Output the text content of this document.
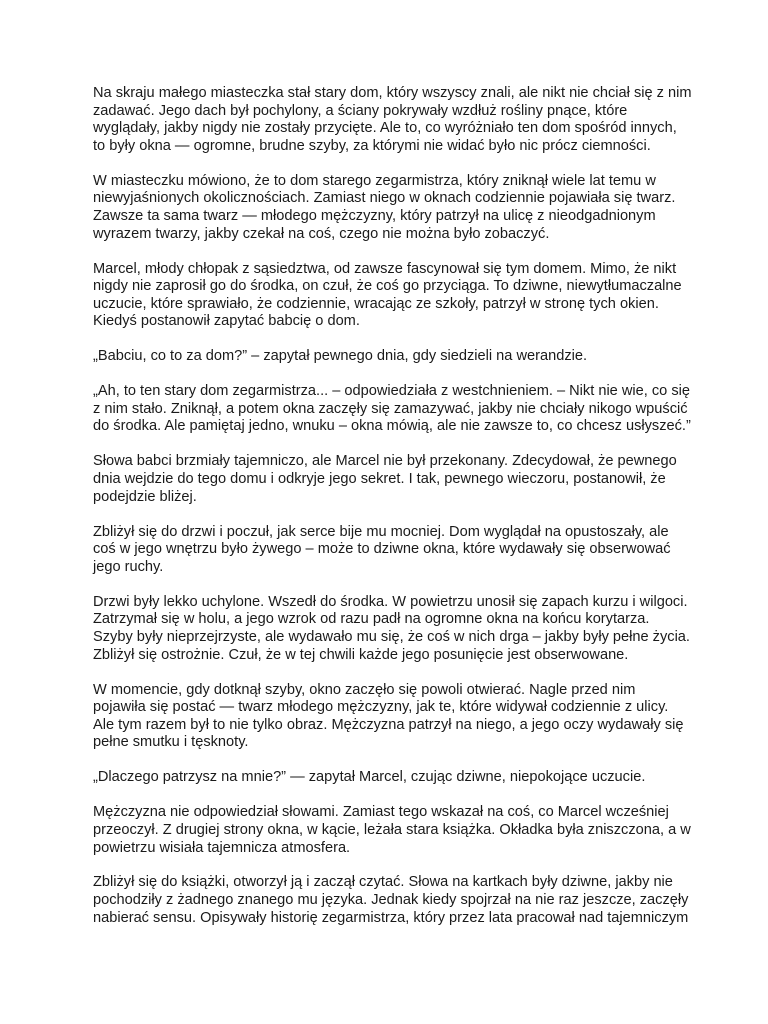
Na skraju małego miasteczka stał stary dom, który wszyscy znali, ale nikt nie chciał się z nim
zadawać. Jego dach był pochylony, a ściany pokrywały wzdłuż rośliny pnące, które
wyglądały, jakby nigdy nie zostały przycięte. Ale to, co wyróżniało ten dom spośród innych,
to były okna — ogromne, brudne szyby, za którymi nie widać było nic prócz ciemności.

W miasteczku mówiono, że to dom starego zegarmistrza, który zniknął wiele lat temu w
niewyjaśnionych okolicznościach. Zamiast niego w oknach codziennie pojawiała się twarz.
Zawsze ta sama twarz — młodego mężczyzny, który patrzył na ulicę z nieodgadnionym
wyrazem twarzy, jakby czekał na coś, czego nie można było zobaczyć.

Marcel, młody chłopak z sąsiedztwa, od zawsze fascynował się tym domem. Mimo, że nikt
nigdy nie zaprosił go do środka, on czuł, że coś go przyciąga. To dziwne, niewytłumaczalne
uczucie, które sprawiało, że codziennie, wracając ze szkoły, patrzył w stronę tych okien.
Kiedyś postanowił zapytać babcię o dom.

„Babciu, co to za dom?” – zapytał pewnego dnia, gdy siedzieli na werandzie.

„Ah, to ten stary dom zegarmistrza... – odpowiedziała z westchnieniem. – Nikt nie wie, co się
z nim stało. Zniknął, a potem okna zaczęły się zamazywać, jakby nie chciały nikogo wpuścić
do środka. Ale pamiętaj jedno, wnuku – okna mówią, ale nie zawsze to, co chcesz usłyszeć.”

Słowa babci brzmiały tajemniczo, ale Marcel nie był przekonany. Zdecydował, że pewnego
dnia wejdzie do tego domu i odkryje jego sekret. I tak, pewnego wieczoru, postanowił, że
podejdzie bliżej.

Zbliżył się do drzwi i poczuł, jak serce bije mu mocniej. Dom wyglądał na opustoszały, ale
coś w jego wnętrzu było żywego – może to dziwne okna, które wydawały się obserwować
jego ruchy.

Drzwi były lekko uchylone. Wszedł do środka. W powietrzu unosił się zapach kurzu i wilgoci.
Zatrzymał się w holu, a jego wzrok od razu padł na ogromne okna na końcu korytarza.
Szyby były nieprzejrzyste, ale wydawało mu się, że coś w nich drga – jakby były pełne życia.
Zbliżył się ostrożnie. Czuł, że w tej chwili każde jego posunięcie jest obserwowane.

W momencie, gdy dotknął szyby, okno zaczęło się powoli otwierać. Nagle przed nim
pojawiła się postać — twarz młodego mężczyzny, jak te, które widywał codziennie z ulicy.
Ale tym razem był to nie tylko obraz. Mężczyzna patrzył na niego, a jego oczy wydawały się
pełne smutku i tęsknoty.

„Dlaczego patrzysz na mnie?” — zapytał Marcel, czując dziwne, niepokojące uczucie.

Mężczyzna nie odpowiedział słowami. Zamiast tego wskazał na coś, co Marcel wcześniej
przeoczył. Z drugiej strony okna, w kącie, leżała stara książka. Okładka była zniszczona, a w
powietrzu wisiała tajemnicza atmosfera.

Zbliżył się do książki, otworzył ją i zaczął czytać. Słowa na kartkach były dziwne, jakby nie
pochodziły z żadnego znanego mu języka. Jednak kiedy spojrzał na nie raz jeszcze, zaczęły
nabierać sensu. Opisywały historię zegarmistrza, który przez lata pracował nad tajemniczym
